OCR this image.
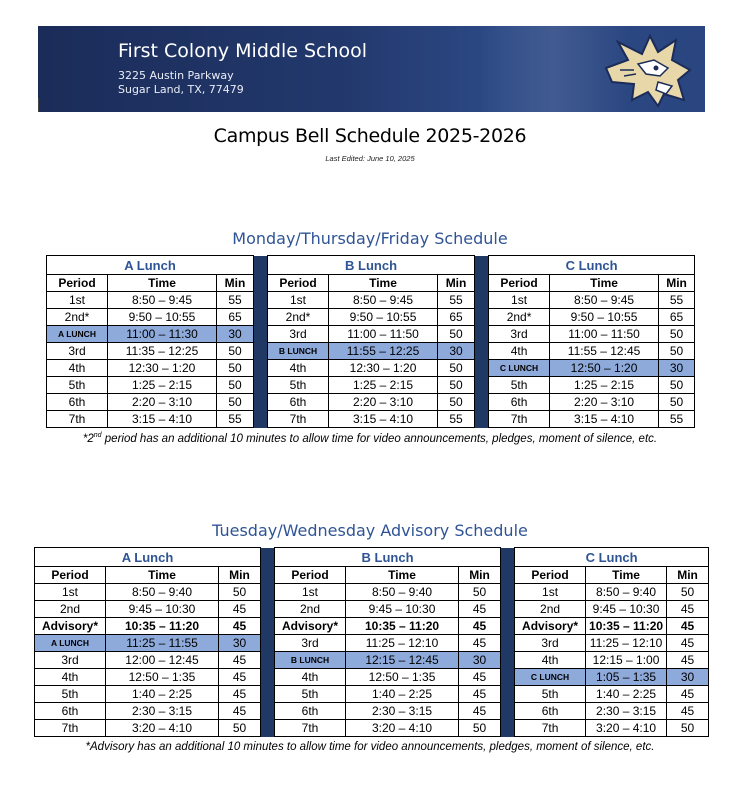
First Colony Middle School
3225 Austin Parkway
Sugar Land, TX, 77479
Campus Bell Schedule 2025-2026
Last Edited: June 10, 2025
Monday/Thursday/Friday Schedule
A Lunch				B Lunch				C Lunch		
Period	Time	Min		Period	Time	Min		Period	Time	Min
1st	8:50 – 9:45	55		1st	8:50 – 9:45	55		1st	8:50 – 9:45	55
2nd*	9:50 – 10:55	65		2nd*	9:50 – 10:55	65		2nd*	9:50 – 10:55	65
A LUNCH	11:00 – 11:30	30		3rd	11:00 – 11:50	50		3rd	11:00 – 11:50	50
3rd	11:35 – 12:25	50		B LUNCH	11:55 – 12:25	30		4th	11:55 – 12:45	50
4th	12:30 – 1:20	50		4th	12:30 – 1:20	50		C LUNCH	12:50 – 1:20	30
5th	1:25 – 2:15	50		5th	1:25 – 2:15	50		5th	1:25 – 2:15	50
6th	2:20 – 3:10	50		6th	2:20 – 3:10	50		6th	2:20 – 3:10	50
7th	3:15 – 4:10	55		7th	3:15 – 4:10	55		7th	3:15 – 4:10	55
*2nd period has an additional 10 minutes to allow time for video announcements, pledges, moment of silence, etc.
Tuesday/Wednesday Advisory Schedule
A Lunch				B Lunch				C Lunch		
Period	Time	Min		Period	Time	Min		Period	Time	Min
1st	8:50 – 9:40	50		1st	8:50 – 9:40	50		1st	8:50 – 9:40	50
2nd	9:45 – 10:30	45		2nd	9:45 – 10:30	45		2nd	9:45 – 10:30	45
Advisory*	10:35 – 11:20	45		Advisory*	10:35 – 11:20	45		Advisory*	10:35 – 11:20	45
A LUNCH	11:25 – 11:55	30		3rd	11:25 – 12:10	45		3rd	11:25 – 12:10	45
3rd	12:00 – 12:45	45		B LUNCH	12:15 – 12:45	30		4th	12:15 – 1:00	45
4th	12:50 – 1:35	45		4th	12:50 – 1:35	45		C LUNCH	1:05 – 1:35	30
5th	1:40 – 2:25	45		5th	1:40 – 2:25	45		5th	1:40 – 2:25	45
6th	2:30 – 3:15	45		6th	2:30 – 3:15	45		6th	2:30 – 3:15	45
7th	3:20 – 4:10	50		7th	3:20 – 4:10	50		7th	3:20 – 4:10	50
*Advisory has an additional 10 minutes to allow time for video announcements, pledges, moment of silence, etc.
